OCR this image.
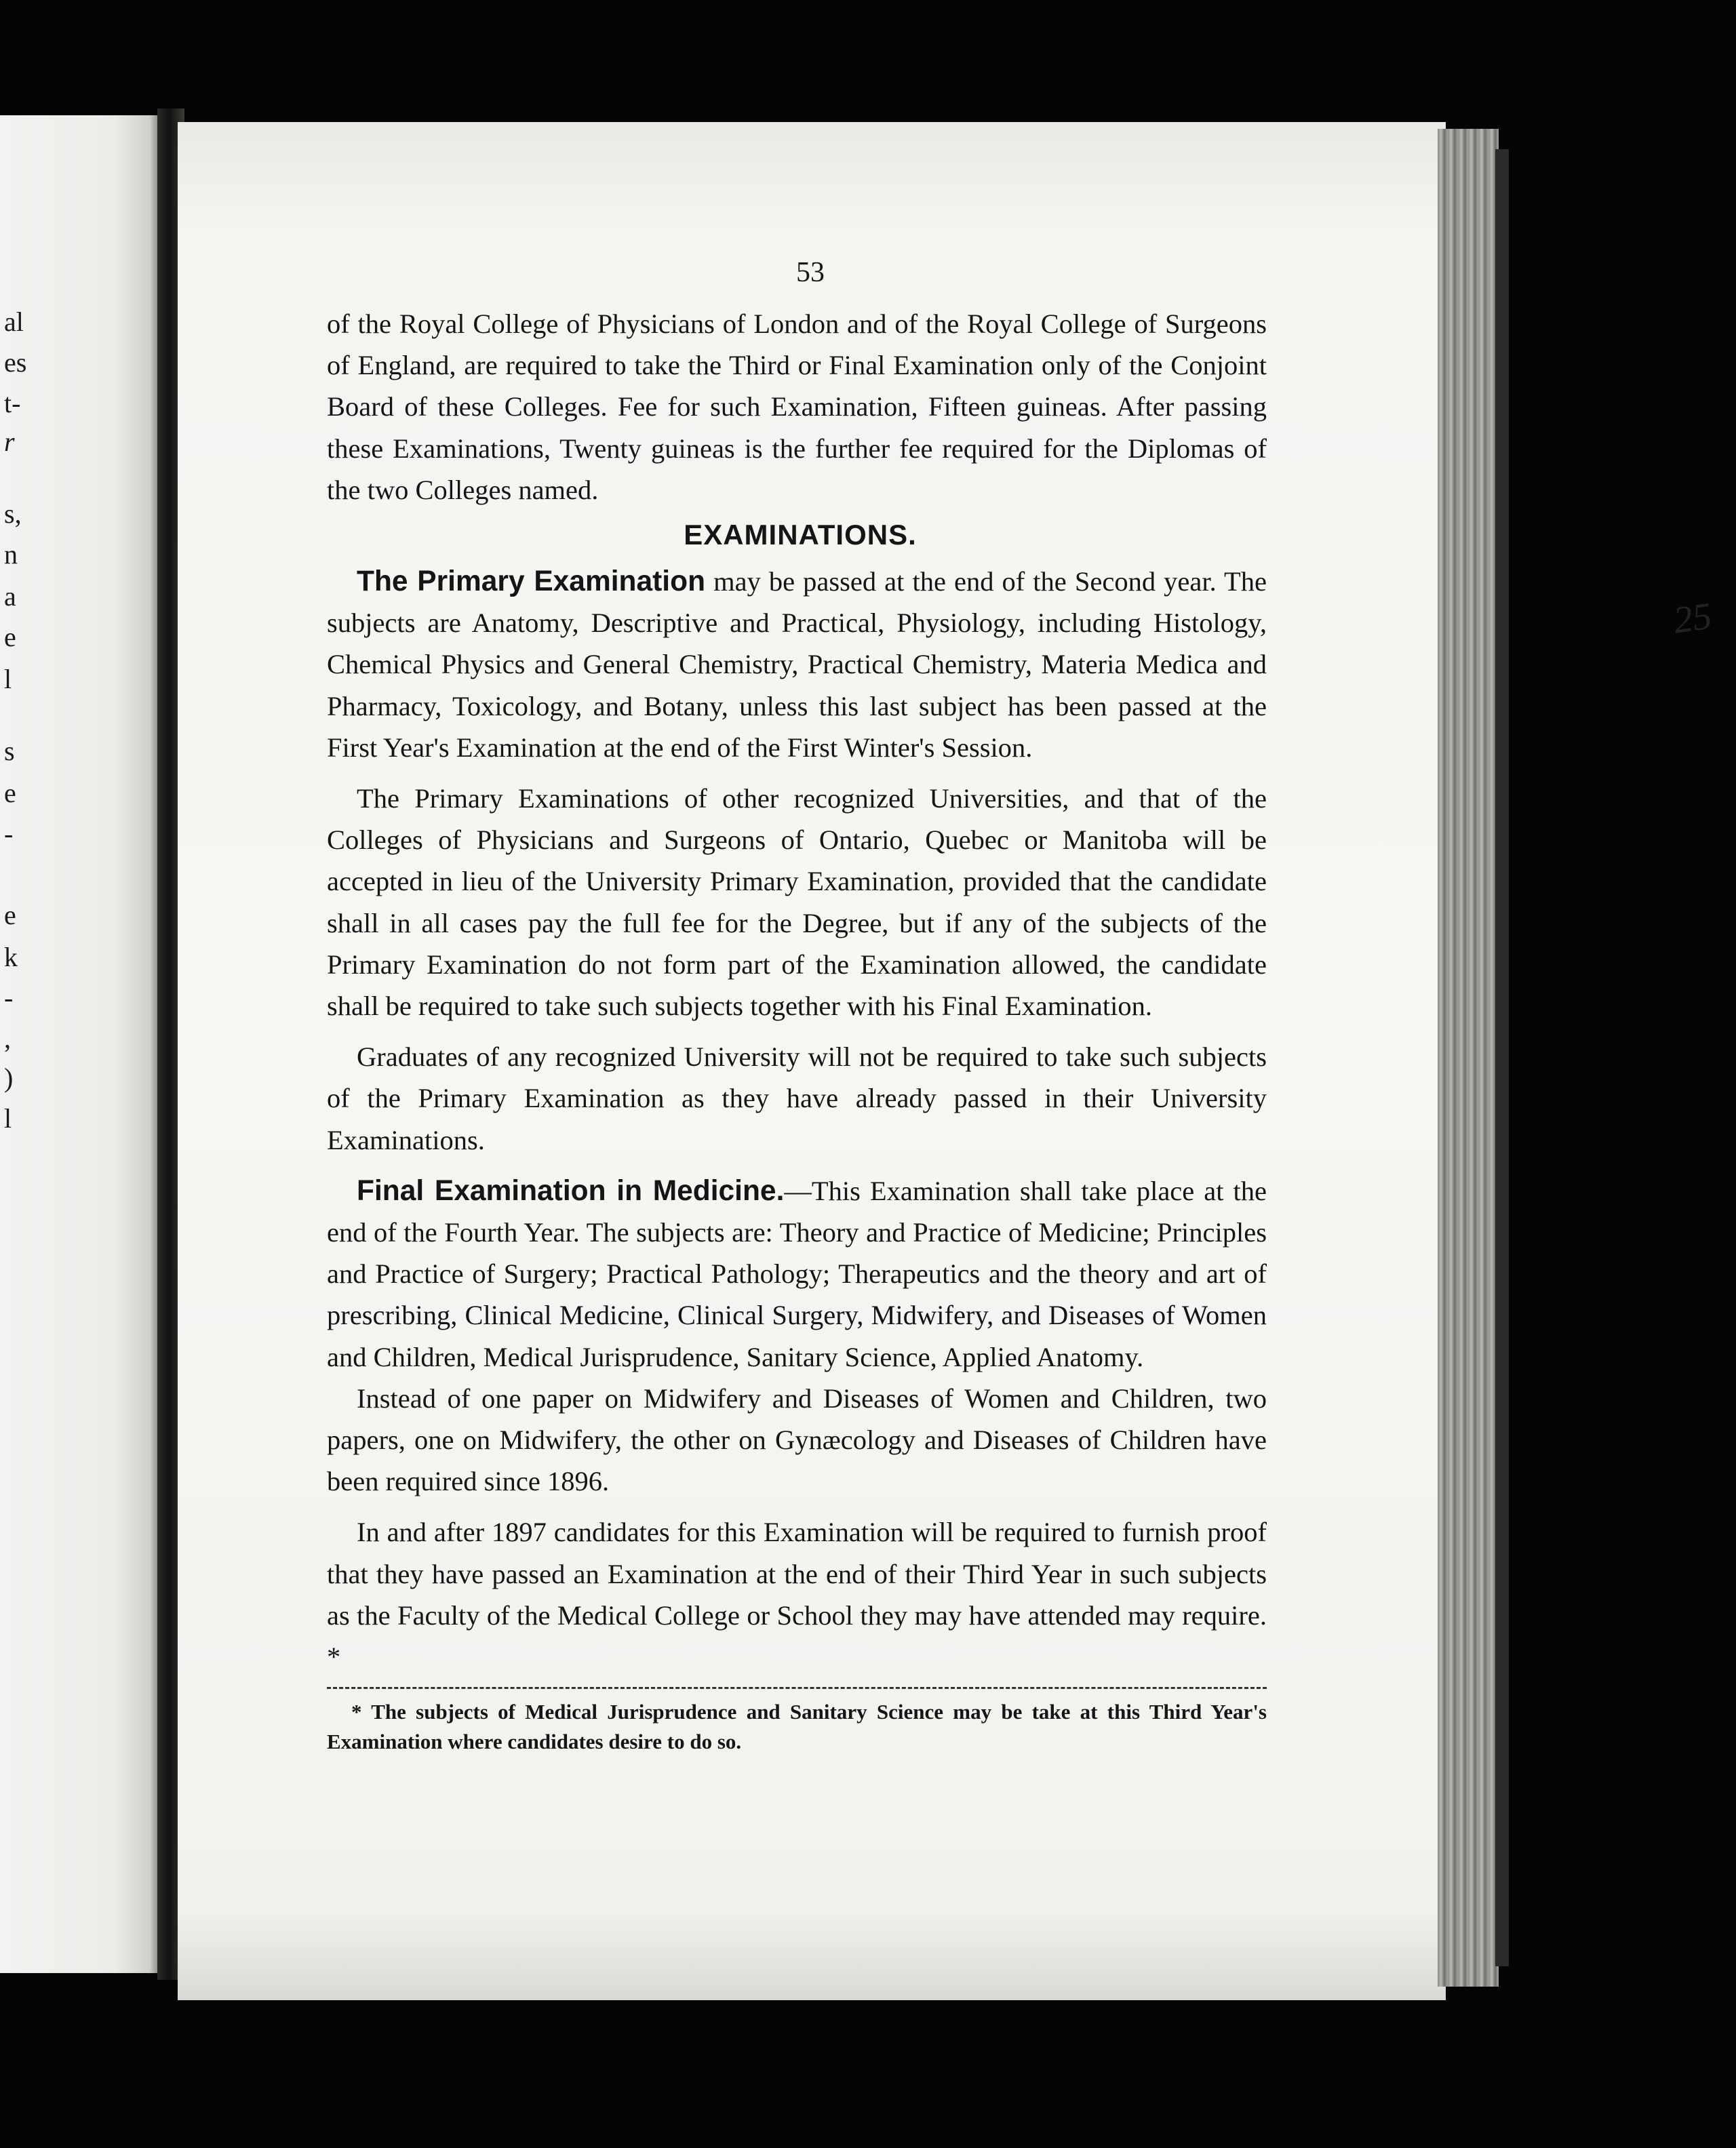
al
es
t-
r
s,
n
a
e
l
s
e
-
e
k
-
,
)
l
25
53

of the Royal College of Physicians of London and of the Royal College of Surgeons of England, are required to take the Third or Final Examination only of the Conjoint Board of these Colleges. Fee for such Examination, Fifteen guineas. After passing these Examinations, Twenty guineas is the further fee required for the Diplomas of the two Colleges named.

EXAMINATIONS.

The Primary Examination may be passed at the end of the Second year. The subjects are Anatomy, Descriptive and Practical, Physiology, including Histology, Chemical Physics and General Chemistry, Practical Chemistry, Materia Medica and Pharmacy, Toxicology, and Botany, unless this last subject has been passed at the First Year's Examination at the end of the First Winter's Session.

The Primary Examinations of other recognized Universities, and that of the Colleges of Physicians and Surgeons of Ontario, Quebec or Manitoba will be accepted in lieu of the University Primary Examination, provided that the candidate shall in all cases pay the full fee for the Degree, but if any of the subjects of the Primary Examination do not form part of the Examination allowed, the candidate shall be required to take such subjects together with his Final Examination.

Graduates of any recognized University will not be required to take such subjects of the Primary Examination as they have already passed in their University Examinations.

Final Examination in Medicine.—This Examination shall take place at the end of the Fourth Year. The subjects are: Theory and Practice of Medicine; Principles and Practice of Surgery; Practical Pathology; Therapeutics and the theory and art of prescribing, Clinical Medicine, Clinical Surgery, Midwifery, and Diseases of Women and Children, Medical Jurisprudence, Sanitary Science, Applied Anatomy.

Instead of one paper on Midwifery and Diseases of Women and Children, two papers, one on Midwifery, the other on Gynæcology and Diseases of Children have been required since 1896.

In and after 1897 candidates for this Examination will be required to furnish proof that they have passed an Examination at the end of their Third Year in such subjects as the Faculty of the Medical College or School they may have attended may require. *

* The subjects of Medical Jurisprudence and Sanitary Science may be take at this Third Year's Examination where candidates desire to do so.
